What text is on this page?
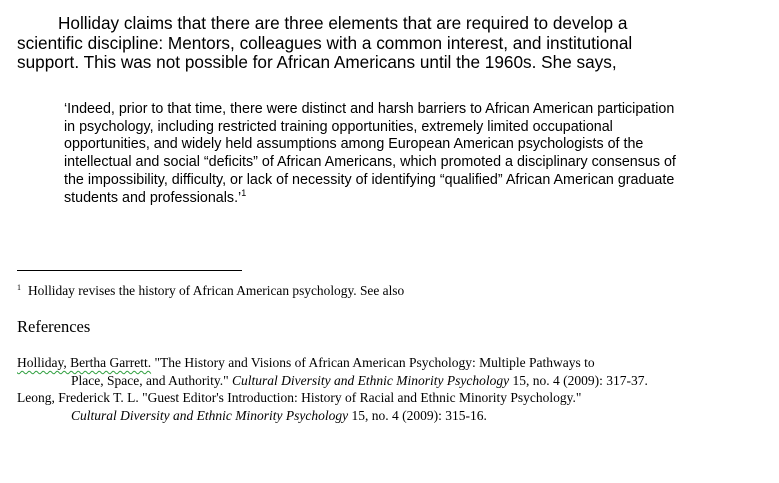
Holliday claims that there are three elements that are required to develop a
scientific discipline: Mentors, colleagues with a common interest, and institutional
support. This was not possible for African Americans until the 1960s. She says,
‘Indeed, prior to that time, there were distinct and harsh barriers to African American participation
in psychology, including restricted training opportunities, extremely limited occupational
opportunities, and widely held assumptions among European American psychologists of the
intellectual and social “deficits” of African Americans, which promoted a disciplinary consensus of
the impossibility, difficulty, or lack of necessity of identifying “qualified” African American graduate
students and professionals.’$^1$
$^1$ Holliday revises the history of African American psychology. See also
References
Holliday, Bertha Garrett. "The History and Visions of African American Psychology: Multiple Pathways to
Place, Space, and Authority." Cultural Diversity and Ethnic Minority Psychology 15, no. 4 (2009): 317-37.
Leong, Frederick T. L. "Guest Editor's Introduction: History of Racial and Ethnic Minority Psychology."
Cultural Diversity and Ethnic Minority Psychology 15, no. 4 (2009): 315-16.
